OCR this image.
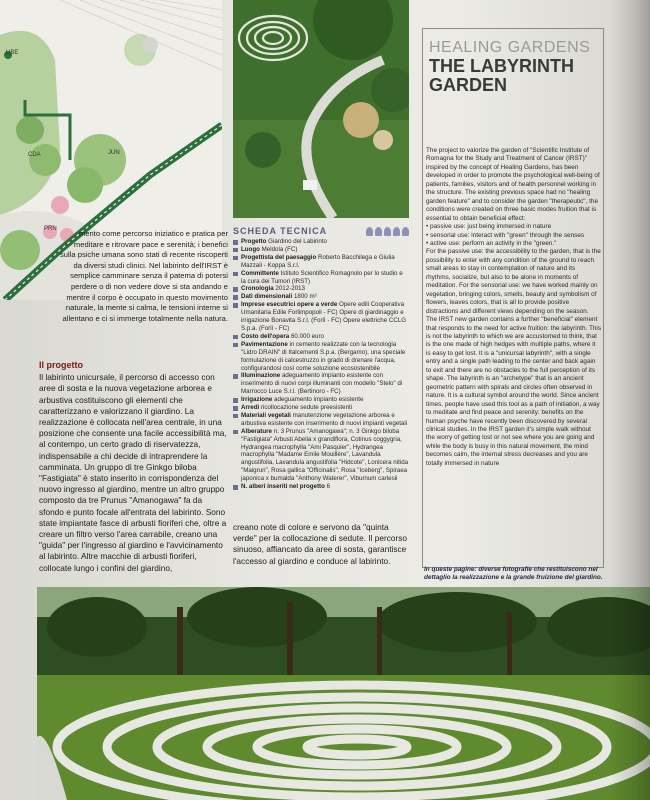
UBE
CDA	JUN
PRN	mento come percorso iniziatico e pratica per meditare e ritrovare pace e serenità; i benefici sulla psiche umana sono stati di recente riscoperti da diversi studi clinici. Nel labirinto dell'IRST è semplice camminare senza il patema di potersi perdere o di non vedere dove si sta andando e mentre il corpo è occupato in questo movimento naturale, la mente si calma, le tensioni interne si allentano e ci si immerge totalmente nella natura.

Il progetto

Il labirinto unicursale, il percorso di accesso con aree di sosta e la nuova vegetazione arborea e arbustiva costituiscono gli elementi che caratterizzano e valorizzano il giardino. La realizzazione è collocata nell'area centrale, in una posizione che consente una facile accessibilità ma, al contempo, un certo grado di riservatezza, indispensabile a chi decide di intraprendere la camminata. Un gruppo di tre Ginkgo biloba "Fastigiata" è stato inserito in corrispondenza del nuovo ingresso al giardino, mentre un altro gruppo composto da tre Prunus "Amanogawa" fa da sfondo e punto focale all'entrata del labirinto. Sono state impiantate fasce di arbusti fioriferi che, oltre a creare un filtro verso l'area carrabile, creano una "guida" per l'ingresso al giardino e l'avvicinamento al labirinto. Altre macchie di arbusti fioriferi, collocate lungo i confini del giardino,

creano note di colore e servono da "quinta verde" per la collocazione di sedute. Il percorso sinuoso, affiancato da aree di sosta, garantisce l'accesso al giardino e conduce al labirinto.
SCHEDA TECNICA
Progetto Giardino del Labirinto
Luogo Meldola (FC)
Progettista del paesaggio Roberto Bacchilega e Giulia Mazzali - Koppa S.r.l.
Committente Istituto Scientifico Romagnolo per lo studio e la cura dei Tumori (IRST)
Cronologia 2012-2013
Dati dimensionali 1800 m²
Imprese esecutrici opere a verde Opere edili Cooperativa Umanitaria Edile Forlimpopoli - FC) Opere di giardinaggio e irrigazione Bonavita S.r.l. (Forlì - FC) Opere elettriche CCLG S.p.a. (Forlì - FC)
Costo dell'opera 60.000 euro
Pavimentazione in cemento realizzate con la tecnologia "Lidro DRAIN" di Italcementi S.p.a. (Bergamo), una speciale formulazione di calcestruzzo in grado di drenare l'acqua, configurandosi così come soluzione ecosostenibile
Illuminazione adeguamento impianto esistente con inserimento di nuovi corpi illuminanti con modello "Stelo" di Marrocco Luce S.r.l. (Bertinoro - FC)
Irrigazione adeguamento impianto esistente
Arredi ricollocazione sedute preesistenti
Materiali vegetali manutenzione vegetazione arborea e arbustiva esistente con inserimento di nuovi impianti vegetali
Alberature n. 3 Prunus "Amanogawa"; n. 3 Ginkgo biloba "Fastigiata" Arbusti Abelia x grandiflora, Cotinus coggygria, Hydrangea macrophylla "Ami Pasquier", Hydrangea macrophylla "Madame Emile Mouillère", Lavandula angustifolia, Lavandula angustifolia "Hidcote", Lonicera nitida "Maigrun", Rosa gallica "Officinalis", Rosa "Iceberg", Spiraea japonica x bumalda "Anthony Waterer", Viburnum carlesii
N. alberi inseriti nel progetto 6
HEALING GARDENS
THE LABYRINTH GARDEN

The project to valorize the garden of "Scientific Institute of Romagna for the Study and Treatment of Cancer (IRST)" inspired by the concept of Healing Gardens, has been developed in order to promote the psychological well-being of patients, families, visitors and of health personnel working in the structure. The existing previous space had no "healing garden feature" and to consider the garden "therapeutic", the conditions were created on three basic modes fruition that is essential to obtain beneficial effect:

• passive use: just being immersed in nature

• sensorial use: interact with "green" through the senses

• active use: perform an activity in the "green."

For the passive use: the accessibility to the garden, that is the possibility to enter with any condition of the ground to reach small areas to stay in contemplation of nature and its rhythms, socialize, but also to be alone in moments of meditation. For the sensorial use: we have worked mainly on vegetation, bringing colors, smells, beauty and symbolism of flowers, leaves colors, that is all to provide positive distractions and different views depending on the season. The IRST new garden contains a further "beneficial" element that responds to the need for active fruition: the labyrinth. This is not the labyrinth to which we are accustomed to think, that is the one made of high hedges with multiple paths, where it is easy to get lost. It is a "unicursal labyrinth", with a single entry and a single path leading to the center and back again to exit and there are no obstacles to the full perception of its shape. The labyrinth is an "archetype" that is an ancient geometric pattern with spirals and circles often observed in nature. It is a cultural symbol around the world. Since ancient times, people have used this tool as a path of initiation, a way to meditate and find peace and serenity: benefits on the human psyche have recently been discovered by several clinical studies. In the IRST garden it's simple walk without the worry of getting lost or not see where you are going and while the body is busy in this natural movement, the mind becomes calm, the internal stress decreases and you are totally immersed in nature

In queste pagine: diverse fotografie che restituiscono nel dettaglio la realizzazione e la grande fruizione del giardino.
